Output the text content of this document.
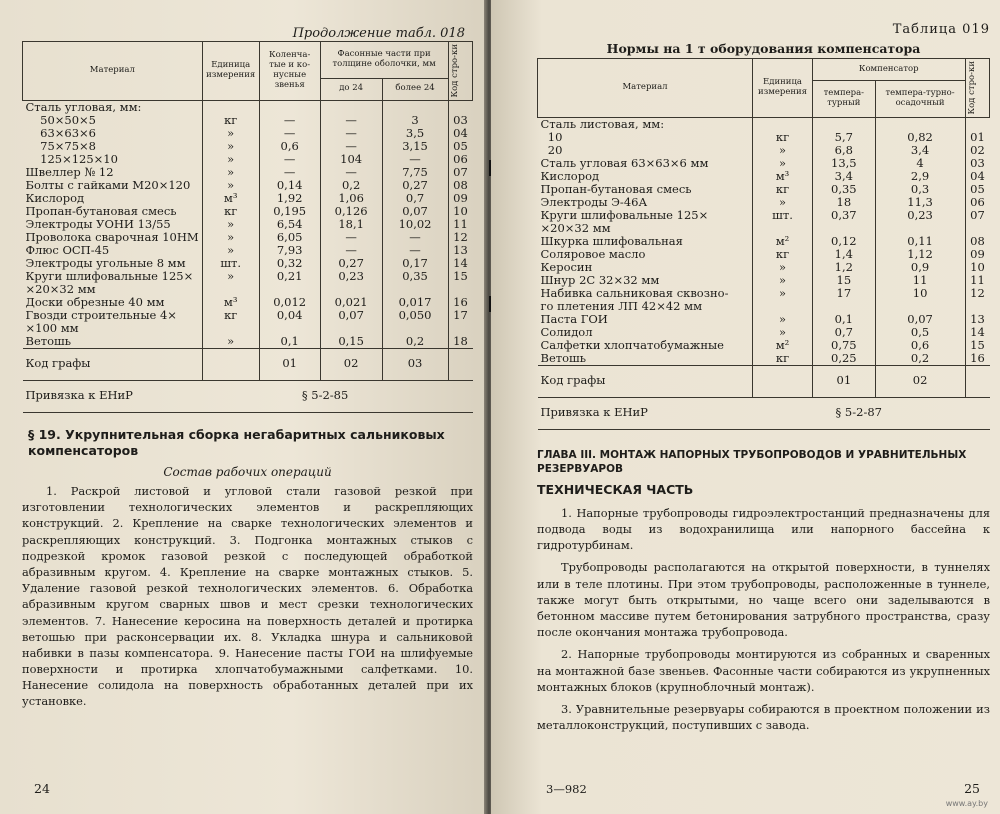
Продолжение табл. 018
Материал	Единица измерения	Коленча-тые и ко-нусные звенья	Фасонные части при толщине оболочки, мм		Код стро-ки

			до 24	более 24	
Сталь угловая, мм:					
50×50×5	кг	—	—	3	03
63×63×6	»	—	—	3,5	04
75×75×8	»	0,6	—	3,15	05
125×125×10	»	—	104	—	06
Швеллер № 12	»	—	—	7,75	07
Болты с гайками М20×120	»	0,14	0,2	0,27	08
Кислород	м³	1,92	1,06	0,7	09
Пропан-бутановая смесь	кг	0,195	0,126	0,07	10
Электроды УОНИ 13/55	»	6,54	18,1	10,02	11
Проволока сварочная 10НМ	»	6,05	—	—	12
Флюс ОСП-45	»	7,93	—	—	13
Электроды угольные 8 мм	шт.	0,32	0,27	0,17	14
Круги шлифовальные 125×
×20×32 мм	»	0,21	0,23	0,35	15
Доски обрезные 40 мм	м³	0,012	0,021	0,017	16
Гвозди строительные 4×
×100 мм	кг	0,04	0,07	0,050	17
Ветошь	»	0,1	0,15	0,2	18
Код графы		01	02	03	
Привязка к ЕНиР	§ 5-2-85				
§ 19. Укрупнительная сборка негабаритных сальниковых компенсаторов
Состав рабочих операций

1. Раскрой листовой и угловой стали газовой резкой при изготовлении технологических элементов и раскрепляющих конструкций. 2. Крепление на сварке технологических элементов и раскрепляющих конструкций. 3. Подгонка монтажных стыков с подрезкой кромок газовой резкой с последующей обработкой абразивным кругом. 4. Крепление на сварке монтажных стыков. 5. Удаление газовой резкой технологических элементов. 6. Обработка абразивным кругом сварных швов и мест срезки технологических элементов. 7. Нанесение керосина на поверхность деталей и протирка ветошью при расконсервации их. 8. Укладка шнура и сальниковой набивки в пазы компенсатора. 9. Нанесение пасты ГОИ на шлифуемые поверхности и протирка хлопчатобумажными салфетками. 10. Нанесение солидола на поверхность обработанных деталей при их установке.

24
Таблица 019
Нормы на 1 т оборудования компенсатора
Материал	Единица измерения	Компенсатор		Код стро-ки

		темпера-турный	темпера-турно-осадочный	
Сталь листовая, мм:				
10	кг	5,7	0,82	01
20	»	6,8	3,4	02
Сталь угловая 63×63×6 мм	»	13,5	4	03
Кислород	м³	3,4	2,9	04
Пропан-бутановая смесь	кг	0,35	0,3	05
Электроды Э-46А	»	18	11,3	06
Круги шлифовальные 125×
×20×32 мм	шт.	0,37	0,23	07
Шкурка шлифовальная	м²	0,12	0,11	08
Соляровое масло	кг	1,4	1,12	09
Керосин	»	1,2	0,9	10
Шнур 2С 32×32 мм	»	15	11	11
Набивка сальниковая сквозно-
го плетения ЛП 42×42 мм	»	17	10	12
Паста ГОИ	»	0,1	0,07	13
Солидол	»	0,7	0,5	14
Салфетки хлопчатобумажные	м²	0,75	0,6	15
Ветошь	кг	0,25	0,2	16
Код графы		01	02	
Привязка к ЕНиР	§ 5-2-87			
ГЛАВА III. МОНТАЖ НАПОРНЫХ ТРУБОПРОВОДОВ И УРАВНИТЕЛЬНЫХ РЕЗЕРВУАРОВ
ТЕХНИЧЕСКАЯ ЧАСТЬ

1. Напорные трубопроводы гидроэлектростанций предназначены для подвода воды из водохранилища или напорного бассейна к гидротурбинам.

Трубопроводы располагаются на открытой поверхности, в туннелях или в теле плотины. При этом трубопроводы, расположенные в туннеле, также могут быть открытыми, но чаще всего они заделываются в бетонном массиве путем бетонирования затрубного пространства, сразу после окончания монтажа трубопровода.

2. Напорные трубопроводы монтируются из собранных и сваренных на монтажной базе звеньев. Фасонные части собираются из укрупненных монтажных блоков (крупноблочный монтаж).

3. Уравнительные резервуары собираются в проектном положении из металлоконструкций, поступивших с завода.

3—982	25
www.ay.by
